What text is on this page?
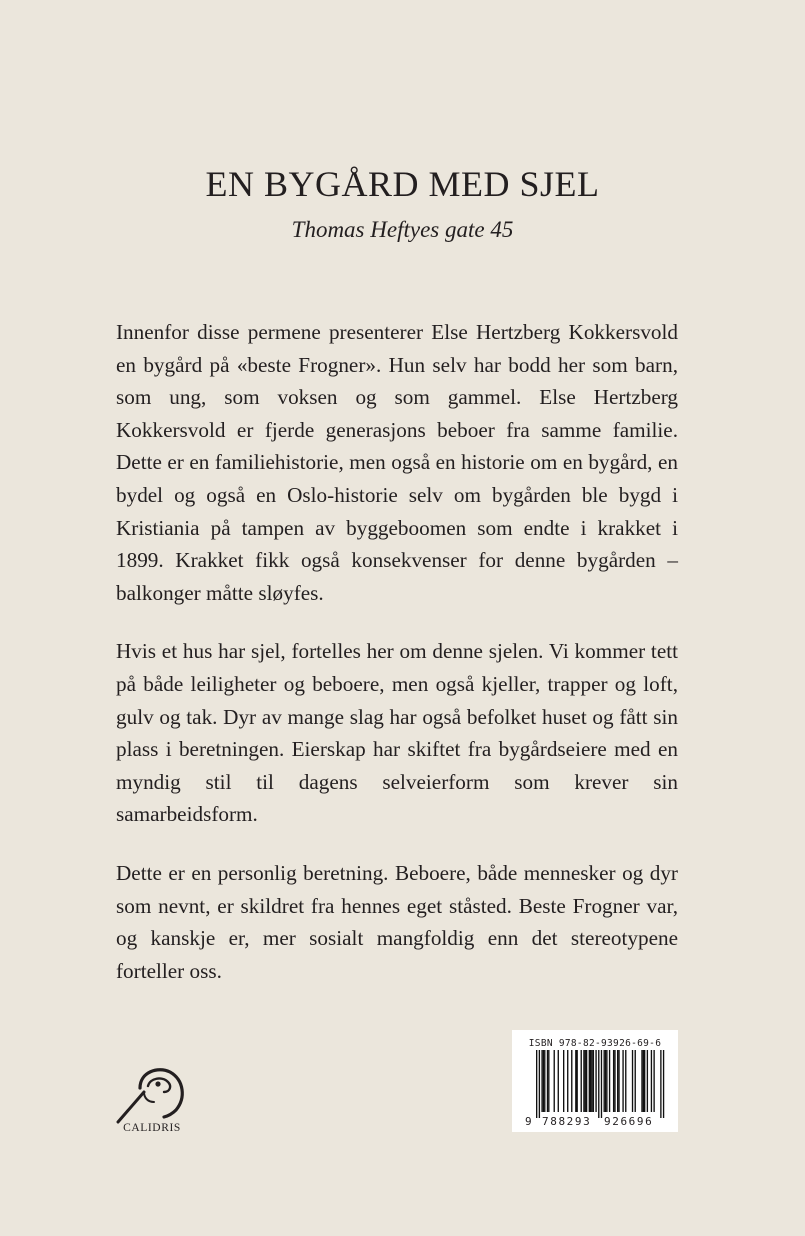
EN BYGÅRD MED SJEL
Thomas Heftyes gate 45

Innenfor disse permene presenterer Else Hertzberg Kokkersvold en bygård på «beste Frogner». Hun selv har bodd her som barn, som ung, som voksen og som gammel. Else Hertzberg Kokkersvold er fjerde generasjons beboer fra samme familie. Dette er en familiehistorie, men også en historie om en bygård, en bydel og også en Oslo-historie selv om bygården ble bygd i Kristiania på tampen av byggeboomen som endte i krakket i 1899. Krakket fikk også konsekvenser for denne bygården – balkonger måtte sløyfes.

Hvis et hus har sjel, fortelles her om denne sjelen. Vi kommer tett på både leiligheter og beboere, men også kjeller, trapper og loft, gulv og tak. Dyr av mange slag har også befolket huset og fått sin plass i beretningen. Eierskap har skiftet fra bygårdseiere med en myndig stil til dagens selveierform som krever sin samarbeidsform.

Dette er en personlig beretning. Beboere, både mennesker og dyr som nevnt, er skildret fra hennes eget ståsted. Beste Frogner var, og kanskje er, mer sosialt mangfoldig enn det stereotypene forteller oss.

CALIDRIS
ISBN 978-82-93926-69-6
9 788293 926696
